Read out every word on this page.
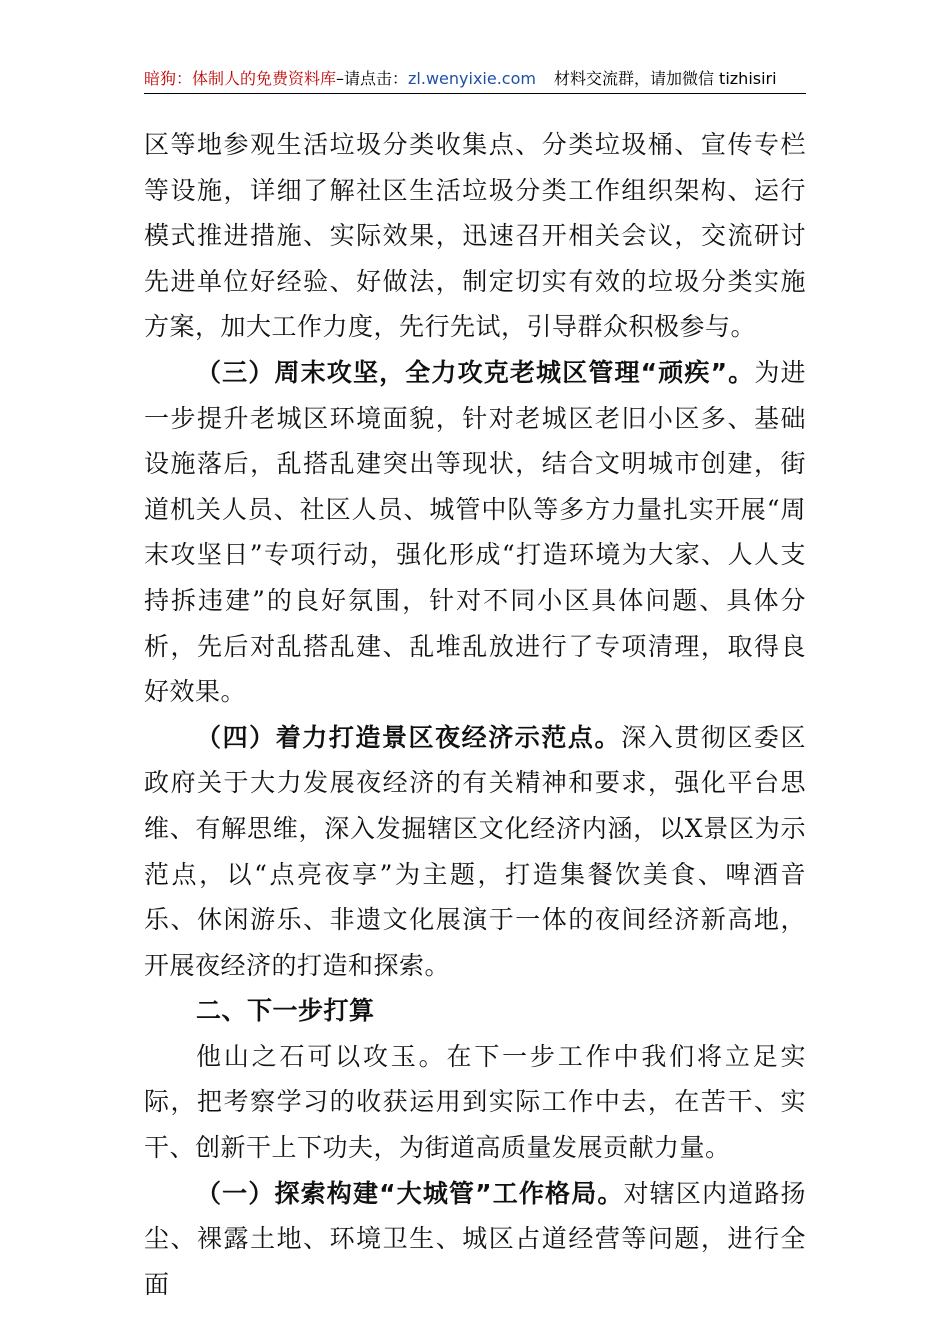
暗狗：体制人的免费资料库–请点击：zl.wenyixie.com 材料交流群，请加微信 tizhisiri

区等地参观生活垃圾分类收集点、分类垃圾桶、宣传专栏等设施，详细了解社区生活垃圾分类工作组织架构、运行模式推进措施、实际效果，迅速召开相关会议，交流研讨先进单位好经验、好做法，制定切实有效的垃圾分类实施方案，加大工作力度，先行先试，引导群众积极参与。

（三）周末攻坚，全力攻克老城区管理“顽疾”。为进一步提升老城区环境面貌，针对老城区老旧小区多、基础设施落后，乱搭乱建突出等现状，结合文明城市创建，街道机关人员、社区人员、城管中队等多方力量扎实开展“周末攻坚日”专项行动，强化形成“打造环境为大家、人人支持拆违建”的良好氛围，针对不同小区具体问题、具体分析，先后对乱搭乱建、乱堆乱放进行了专项清理，取得良好效果。

（四）着力打造景区夜经济示范点。深入贯彻区委区政府关于大力发展夜经济的有关精神和要求，强化平台思维、有解思维，深入发掘辖区文化经济内涵，以X景区为示范点，以“点亮夜享”为主题，打造集餐饮美食、啤酒音乐、休闲游乐、非遗文化展演于一体的夜间经济新高地，开展夜经济的打造和探索。

二、下一步打算

他山之石可以攻玉。在下一步工作中我们将立足实际，把考察学习的收获运用到实际工作中去，在苦干、实干、创新干上下功夫，为街道高质量发展贡献力量。

（一）探索构建“大城管”工作格局。对辖区内道路扬尘、裸露土地、环境卫生、城区占道经营等问题，进行全面
